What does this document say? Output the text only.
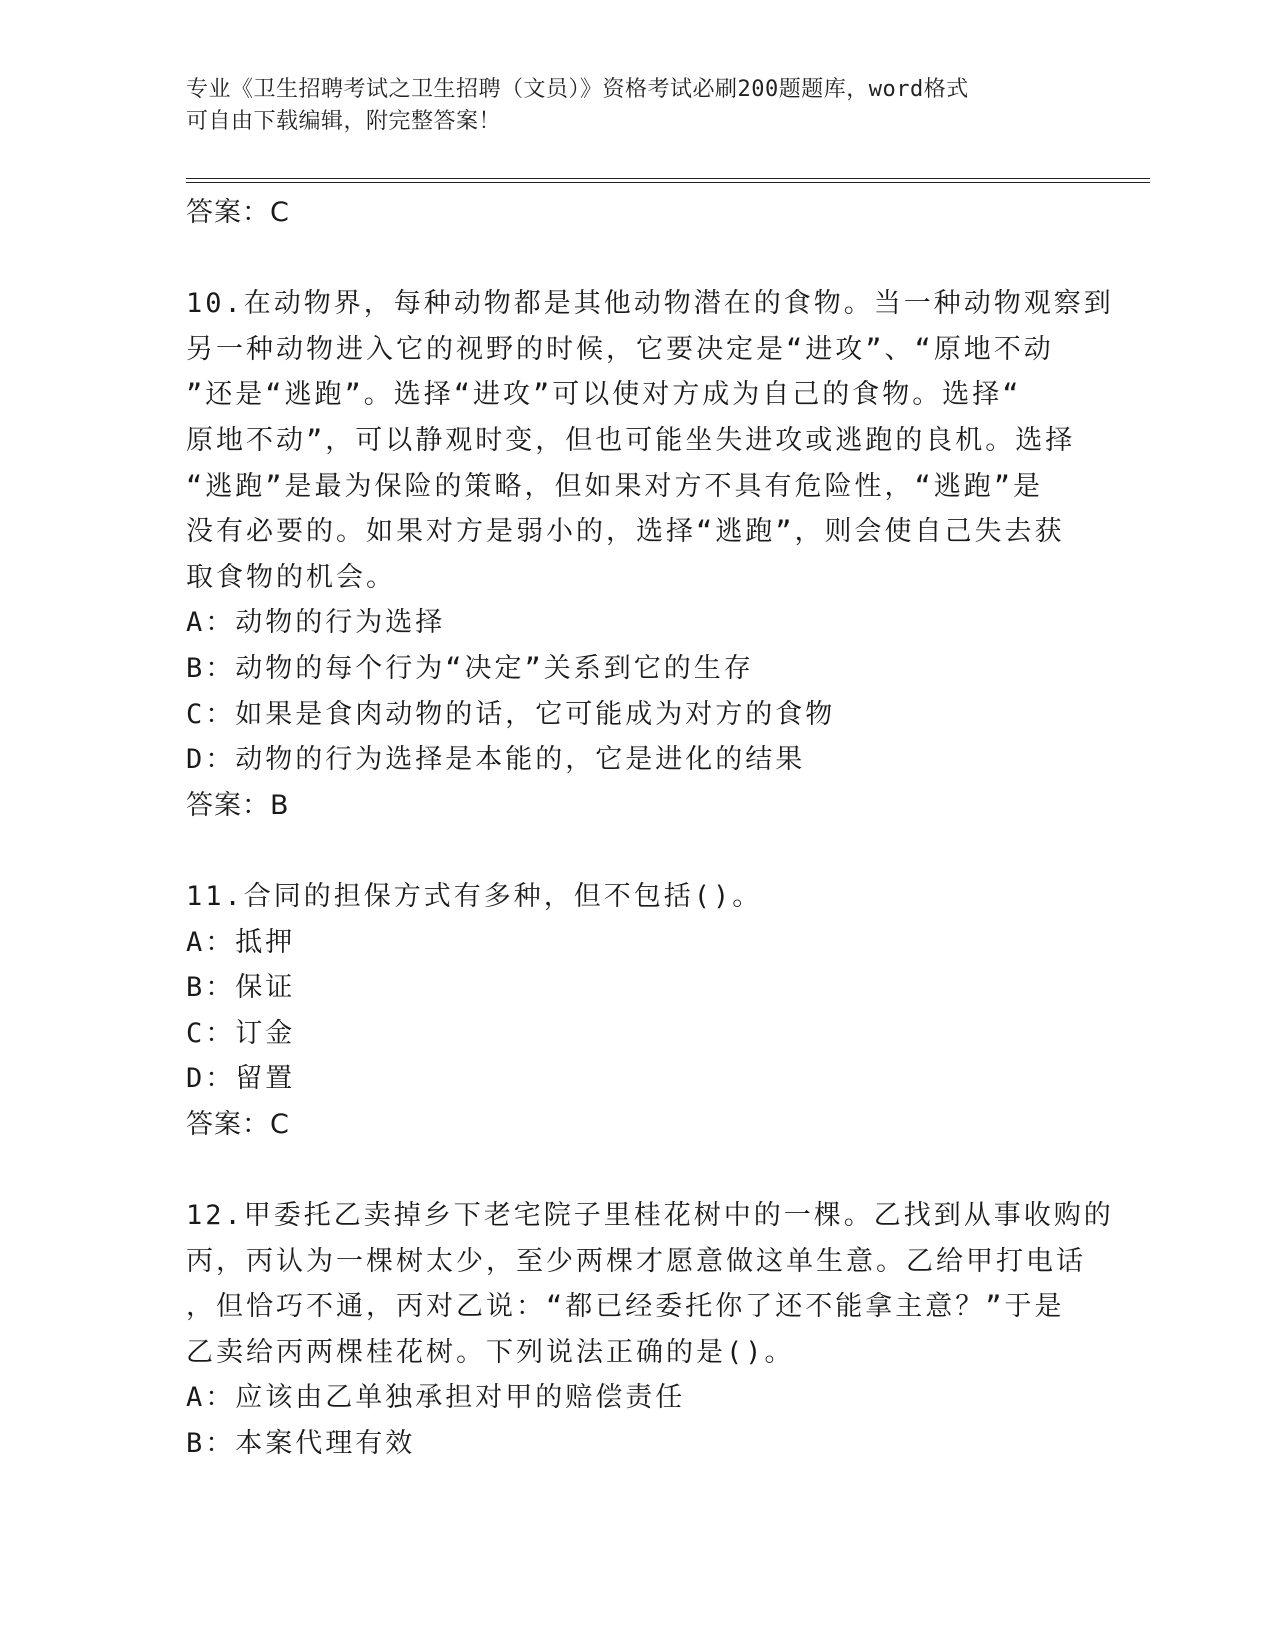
专业《卫生招聘考试之卫生招聘（文员）》资格考试必刷200题题库，word格式
可自由下载编辑，附完整答案！
答案：C
10.在动物界，每种动物都是其他动物潜在的食物。当一种动物观察到
另一种动物进入它的视野的时候，它要决定是“进攻”、“原地不动
”还是“逃跑”。选择“进攻”可以使对方成为自己的食物。选择“
原地不动”，可以静观时变，但也可能坐失进攻或逃跑的良机。选择
“逃跑”是最为保险的策略，但如果对方不具有危险性，“逃跑”是
没有必要的。如果对方是弱小的，选择“逃跑”，则会使自己失去获
取食物的机会。
A：动物的行为选择
B：动物的每个行为“决定”关系到它的生存
C：如果是食肉动物的话，它可能成为对方的食物
D：动物的行为选择是本能的，它是进化的结果
答案：B
11.合同的担保方式有多种，但不包括()。
A：抵押
B：保证
C：订金
D：留置
答案：C
12.甲委托乙卖掉乡下老宅院子里桂花树中的一棵。乙找到从事收购的
丙，丙认为一棵树太少，至少两棵才愿意做这单生意。乙给甲打电话
，但恰巧不通，丙对乙说：“都已经委托你了还不能拿主意？”于是
乙卖给丙两棵桂花树。下列说法正确的是()。
A：应该由乙单独承担对甲的赔偿责任
B：本案代理有效
